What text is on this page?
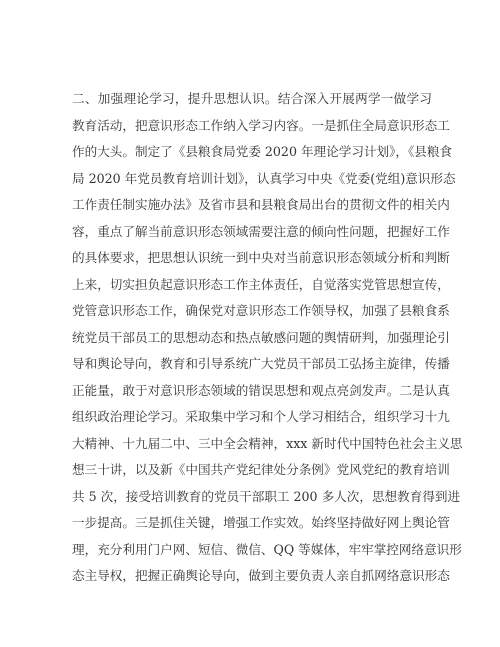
二、加强理论学习，提升思想认识。结合深入开展两学一做学习
教育活动，把意识形态工作纳入学习内容。一是抓住全局意识形态工
作的大头。制定了《县粮食局党委 2020 年理论学习计划》，《县粮食
局 2020 年党员教育培训计划》，认真学习中央《党委(党组)意识形态
工作责任制实施办法》及省市县和县粮食局出台的贯彻文件的相关内
容，重点了解当前意识形态领域需要注意的倾向性问题，把握好工作
的具体要求，把思想认识统一到中央对当前意识形态领域分析和判断
上来，切实担负起意识形态工作主体责任，自觉落实党管思想宣传，
党管意识形态工作，确保党对意识形态工作领导权，加强了县粮食系
统党员干部员工的思想动态和热点敏感问题的舆情研判，加强理论引
导和舆论导向，教育和引导系统广大党员干部员工弘扬主旋律，传播
正能量，敢于对意识形态领域的错误思想和观点亮剑发声。二是认真
组织政治理论学习。采取集中学习和个人学习相结合，组织学习十九
大精神、十九届二中、三中全会精神，xxx 新时代中国特色社会主义思
想三十讲，以及新《中国共产党纪律处分条例》党风党纪的教育培训
共 5 次，接受培训教育的党员干部职工 200 多人次，思想教育得到进
一步提高。三是抓住关键，增强工作实效。始终坚持做好网上舆论管
理，充分利用门户网、短信、微信、QQ 等媒体，牢牢掌控网络意识形
态主导权，把握正确舆论导向，做到主要负责人亲自抓网络意识形态
